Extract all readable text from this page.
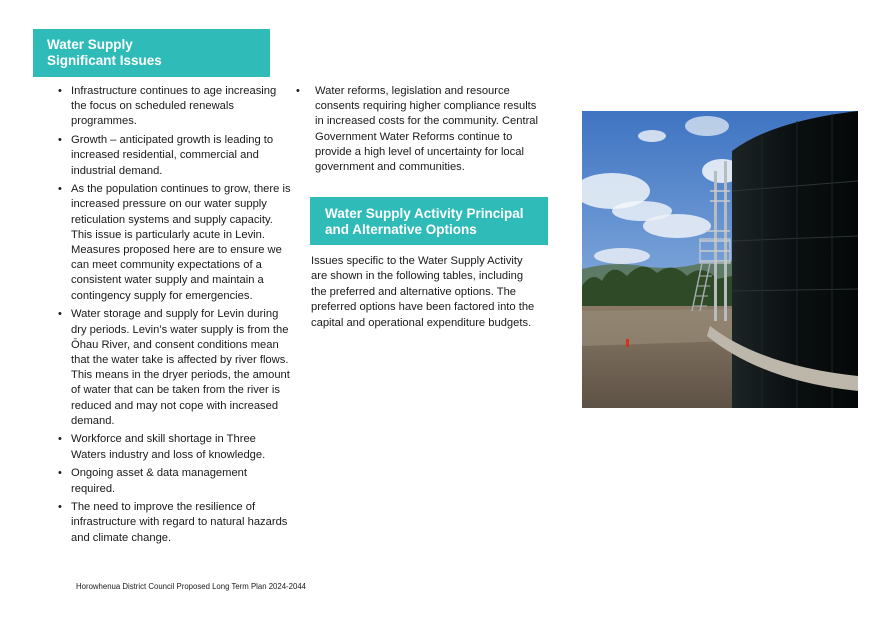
Water Supply
Significant Issues
• Infrastructure continues to age increasing the focus on scheduled renewals programmes.
• Growth – anticipated growth is leading to increased residential, commercial and industrial demand.
• As the population continues to grow, there is increased pressure on our water supply reticulation systems and supply capacity. This issue is particularly acute in Levin. Measures proposed here are to ensure we can meet community expectations of a consistent water supply and maintain a contingency supply for emergencies.
• Water storage and supply for Levin during dry periods. Levin’s water supply is from the Ōhau River, and consent conditions mean that the water take is affected by river flows. This means in the dryer periods, the amount of water that can be taken from the river is reduced and may not cope with increased demand.
• Workforce and skill shortage in Three Waters industry and loss of knowledge.
• Ongoing asset & data management required.
• The need to improve the resilience of infrastructure with regard to natural hazards and climate change.
• Water reforms, legislation and resource consents requiring higher compliance results in increased costs for the community. Central Government Water Reforms continue to provide a high level of uncertainty for local government and communities.
Water Supply Activity Principal
and Alternative Options

Issues specific to the Water Supply Activity are shown in the following tables, including the preferred and alternative options. The preferred options have been factored into the capital and operational expenditure budgets.

Horowhenua District Council Proposed Long Term Plan 2024-2044
